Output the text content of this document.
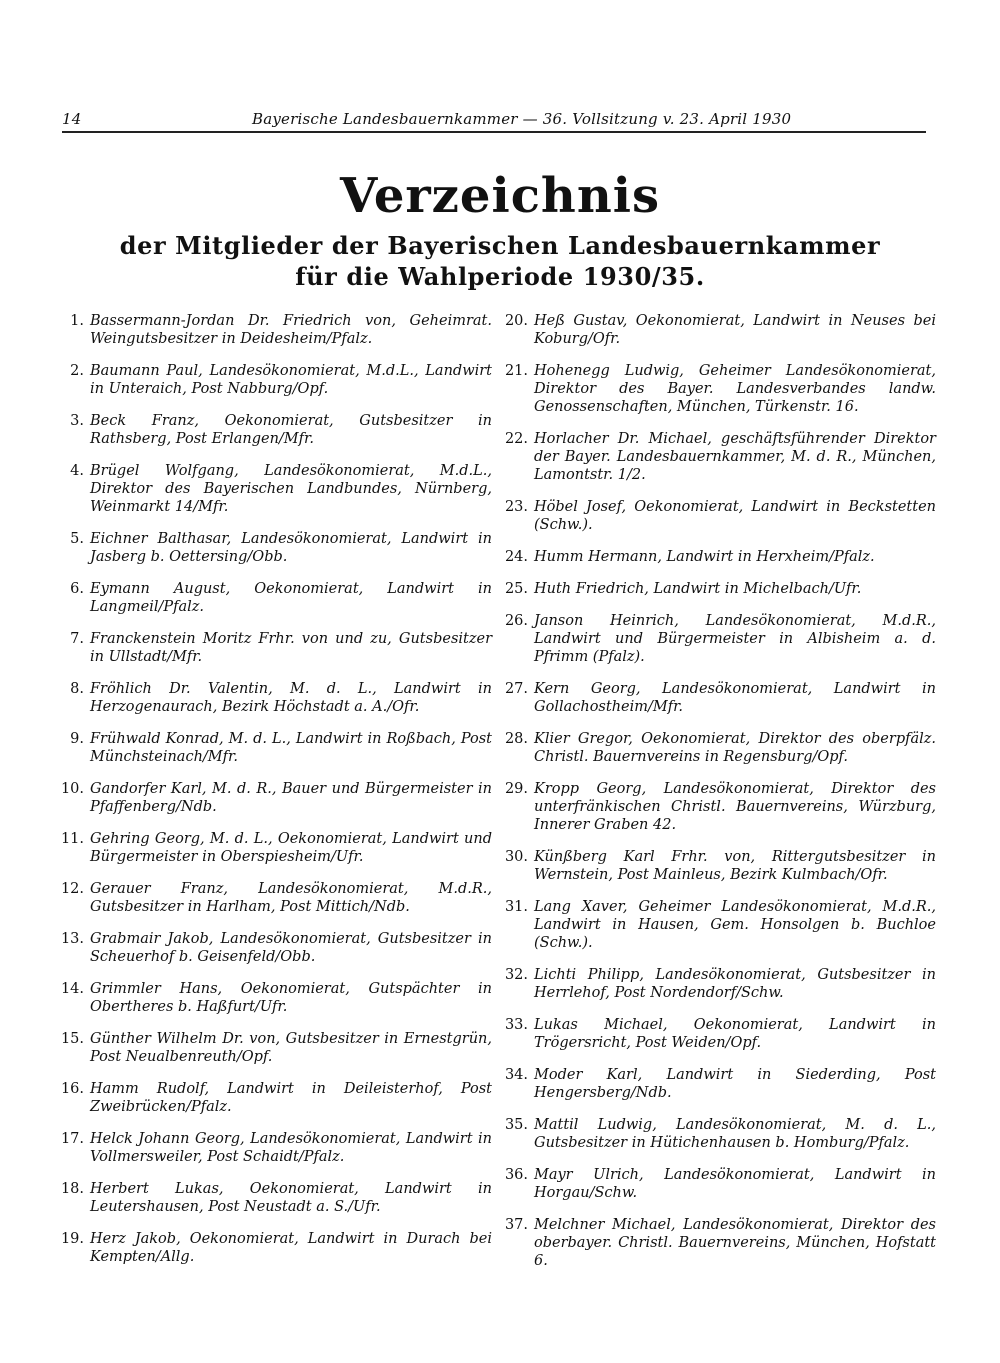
14	Bayerische Landesbauernkammer — 36. Vollsitzung v. 23. April 1930
Verzeichnis
der Mitglieder der Bayerischen Landesbauernkammer
für die Wahlperiode 1930/35.
1. Bassermann-Jordan Dr. Friedrich von, Geheimrat. Weingutsbesitzer in Deidesheim/Pfalz.
2. Baumann Paul, Landesökonomierat, M.d.L., Landwirt in Unteraich, Post Nabburg/Opf.
3. Beck Franz, Oekonomierat, Gutsbesitzer in Rathsberg, Post Erlangen/Mfr.
4. Brügel Wolfgang, Landesökonomierat, M.d.L., Direktor des Bayerischen Landbundes, Nürnberg, Weinmarkt 14/Mfr.
5. Eichner Balthasar, Landesökonomierat, Landwirt in Jasberg b. Oettersing/Obb.
6. Eymann August, Oekonomierat, Landwirt in Langmeil/Pfalz.
7. Franckenstein Moritz Frhr. von und zu, Gutsbesitzer in Ullstadt/Mfr.
8. Fröhlich Dr. Valentin, M. d. L., Landwirt in Herzogenaurach, Bezirk Höchstadt a. A./Ofr.
9. Frühwald Konrad, M. d. L., Landwirt in Roßbach, Post Münchsteinach/Mfr.
10. Gandorfer Karl, M. d. R., Bauer und Bürgermeister in Pfaffenberg/Ndb.
11. Gehring Georg, M. d. L., Oekonomierat, Landwirt und Bürgermeister in Oberspiesheim/Ufr.
12. Gerauer Franz, Landesökonomierat, M.d.R., Gutsbesitzer in Harlham, Post Mittich/Ndb.
13. Grabmair Jakob, Landesökonomierat, Gutsbesitzer in Scheuerhof b. Geisenfeld/Obb.
14. Grimmler Hans, Oekonomierat, Gutspächter in Obertheres b. Haßfurt/Ufr.
15. Günther Wilhelm Dr. von, Gutsbesitzer in Ernestgrün, Post Neualbenreuth/Opf.
16. Hamm Rudolf, Landwirt in Deileisterhof, Post Zweibrücken/Pfalz.
17. Helck Johann Georg, Landesökonomierat, Landwirt in Vollmersweiler, Post Schaidt/Pfalz.
18. Herbert Lukas, Oekonomierat, Landwirt in Leutershausen, Post Neustadt a. S./Ufr.
19. Herz Jakob, Oekonomierat, Landwirt in Durach bei Kempten/Allg.
20. Heß Gustav, Oekonomierat, Landwirt in Neuses bei Koburg/Ofr.
21. Hohenegg Ludwig, Geheimer Landesökonomierat, Direktor des Bayer. Landesverbandes landw. Genossenschaften, München, Türkenstr. 16.
22. Horlacher Dr. Michael, geschäftsführender Direktor der Bayer. Landesbauernkammer, M. d. R., München, Lamontstr. 1/2.
23. Höbel Josef, Oekonomierat, Landwirt in Beckstetten (Schw.).
24. Humm Hermann, Landwirt in Herxheim/Pfalz.
25. Huth Friedrich, Landwirt in Michelbach/Ufr.
26. Janson Heinrich, Landesökonomierat, M.d.R., Landwirt und Bürgermeister in Albisheim a. d. Pfrimm (Pfalz).
27. Kern Georg, Landesökonomierat, Landwirt in Gollachostheim/Mfr.
28. Klier Gregor, Oekonomierat, Direktor des oberpfälz. Christl. Bauernvereins in Regensburg/Opf.
29. Kropp Georg, Landesökonomierat, Direktor des unterfränkischen Christl. Bauernvereins, Würzburg, Innerer Graben 42.
30. Künßberg Karl Frhr. von, Rittergutsbesitzer in Wernstein, Post Mainleus, Bezirk Kulmbach/Ofr.
31. Lang Xaver, Geheimer Landesökonomierat, M.d.R., Landwirt in Hausen, Gem. Honsolgen b. Buchloe (Schw.).
32. Lichti Philipp, Landesökonomierat, Gutsbesitzer in Herrlehof, Post Nordendorf/Schw.
33. Lukas Michael, Oekonomierat, Landwirt in Trögersricht, Post Weiden/Opf.
34. Moder Karl, Landwirt in Siederding, Post Hengersberg/Ndb.
35. Mattil Ludwig, Landesökonomierat, M. d. L., Gutsbesitzer in Hütichenhausen b. Homburg/Pfalz.
36. Mayr Ulrich, Landesökonomierat, Landwirt in Horgau/Schw.
37. Melchner Michael, Landesökonomierat, Direktor des oberbayer. Christl. Bauernvereins, München, Hofstatt 6.
